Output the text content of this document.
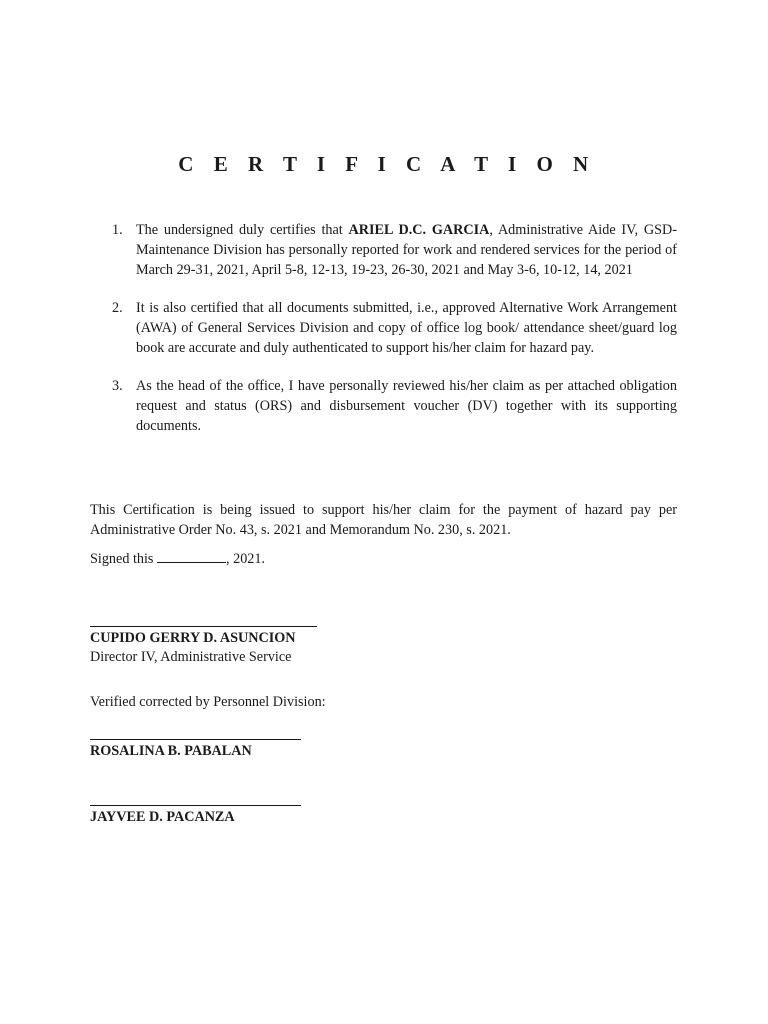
C E R T I F I C A T I O N
1. The undersigned duly certifies that ARIEL D.C. GARCIA, Administrative Aide IV, GSD-Maintenance Division has personally reported for work and rendered services for the period of March 29-31, 2021, April 5-8, 12-13, 19-23, 26-30, 2021 and May 3-6, 10-12, 14, 2021
2. It is also certified that all documents submitted, i.e., approved Alternative Work Arrangement (AWA) of General Services Division and copy of office log book/ attendance sheet/guard log book are accurate and duly authenticated to support his/her claim for hazard pay.
3. As the head of the office, I have personally reviewed his/her claim as per attached obligation request and status (ORS) and disbursement voucher (DV) together with its supporting documents.

This Certification is being issued to support his/her claim for the payment of hazard pay per Administrative Order No. 43, s. 2021 and Memorandum No. 230, s. 2021.

Signed this	, 2021.

CUPIDO GERRY D. ASUNCION
Director IV, Administrative Service
Verified corrected by Personnel Division:
ROSALINA B. PABALAN
JAYVEE D. PACANZA
